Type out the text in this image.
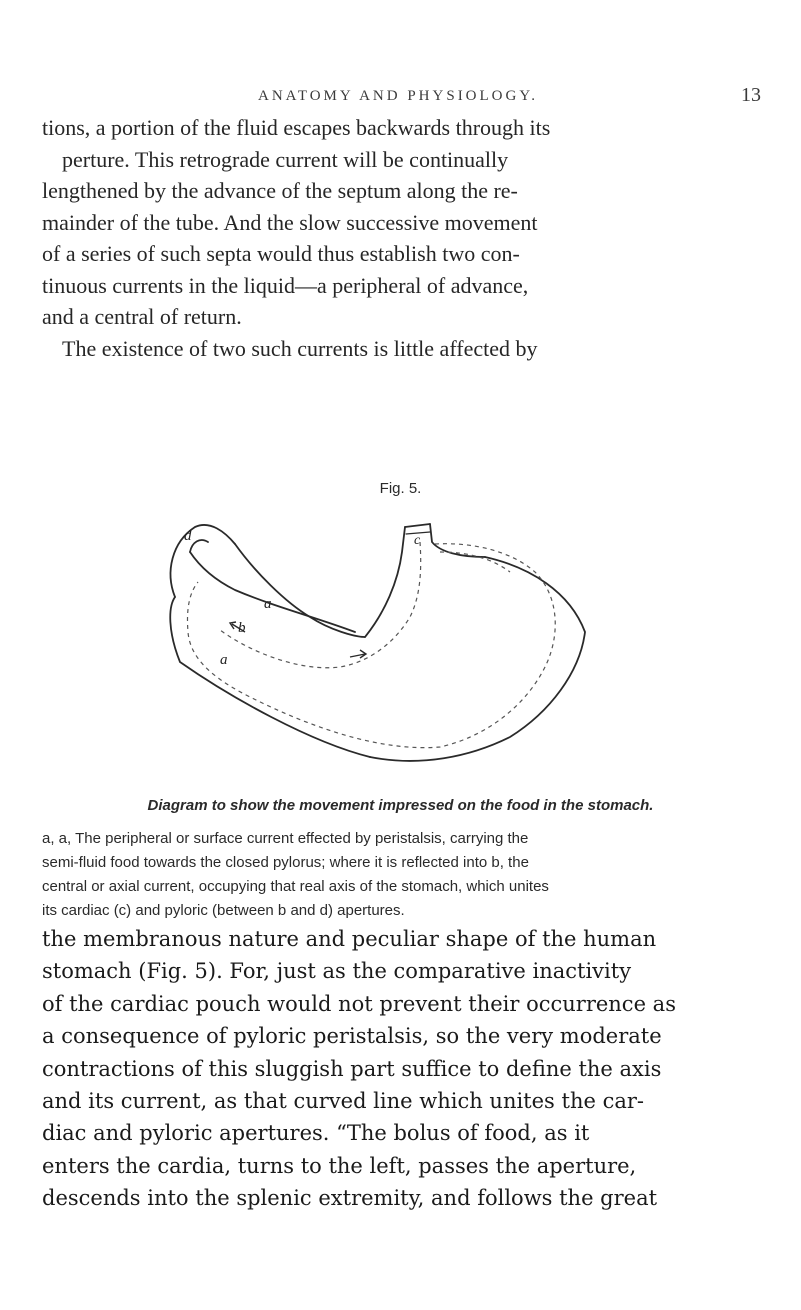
ANATOMY AND PHYSIOLOGY.	13
tions, a portion of the fluid escapes backwards through its
perture. This retrograde current will be continually
lengthened by the advance of the septum along the re-
mainder of the tube. And the slow successive movement
of a series of such septa would thus establish two con-
tinuous currents in the liquid—a peripheral of advance,
and a central of return.
The existence of two such currents is little affected by
Fig. 5.
c
d
a
b
a
Diagram to show the movement impressed on the food in the stomach.
a, a, The peripheral or surface current effected by peristalsis, carrying the
semi-fluid food towards the closed pylorus; where it is reflected into b, the
central or axial current, occupying that real axis of the stomach, which unites
its cardiac (c) and pyloric (between b and d) apertures.
the membranous nature and peculiar shape of the human
stomach (Fig. 5). For, just as the comparative inactivity
of the cardiac pouch would not prevent their occurrence as
a consequence of pyloric peristalsis, so the very moderate
contractions of this sluggish part suffice to define the axis
and its current, as that curved line which unites the car-
diac and pyloric apertures. “The bolus of food, as it
enters the cardia, turns to the left, passes the aperture,
descends into the splenic extremity, and follows the great
